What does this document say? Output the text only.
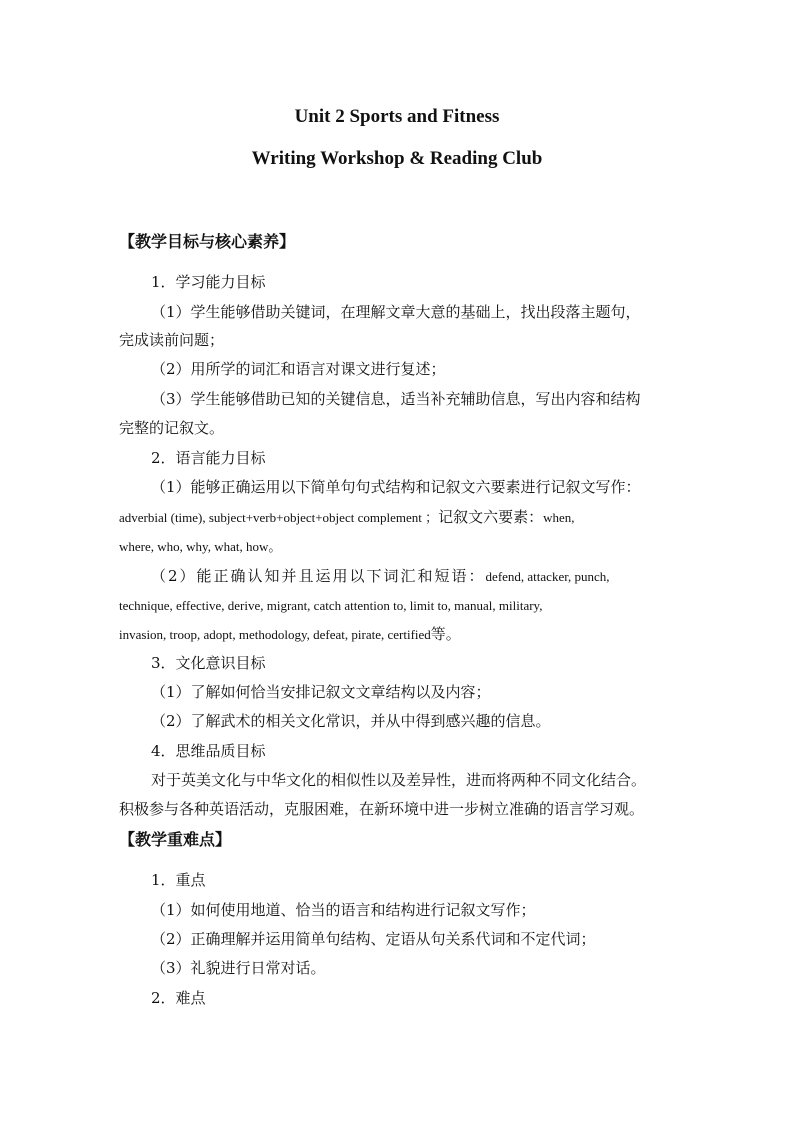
Unit 2 Sports and Fitness
Writing Workshop & Reading Club
【教学目标与核心素养】
1．学习能力目标
（1）学生能够借助关键词，在理解文章大意的基础上，找出段落主题句，
完成读前问题；
（2）用所学的词汇和语言对课文进行复述；
（3）学生能够借助已知的关键信息，适当补充辅助信息，写出内容和结构
完整的记叙文。
2．语言能力目标
（1）能够正确运用以下简单句句式结构和记叙文六要素进行记叙文写作：
adverbial (time), subject+verb+object+object complement ；记叙文六要素：when,
where, who, why, what, how。
（2）能正确认知并且运用以下词汇和短语：defend, attacker, punch,
technique, effective, derive, migrant, catch attention to, limit to, manual, military,
invasion, troop, adopt, methodology, defeat, pirate, certified等。
3．文化意识目标
（1）了解如何恰当安排记叙文文章结构以及内容；
（2）了解武术的相关文化常识，并从中得到感兴趣的信息。
4．思维品质目标
对于英美文化与中华文化的相似性以及差异性，进而将两种不同文化结合。
积极参与各种英语活动，克服困难，在新环境中进一步树立准确的语言学习观。
【教学重难点】
1．重点
（1）如何使用地道、恰当的语言和结构进行记叙文写作；
（2）正确理解并运用简单句结构、定语从句关系代词和不定代词；
（3）礼貌进行日常对话。
2．难点
